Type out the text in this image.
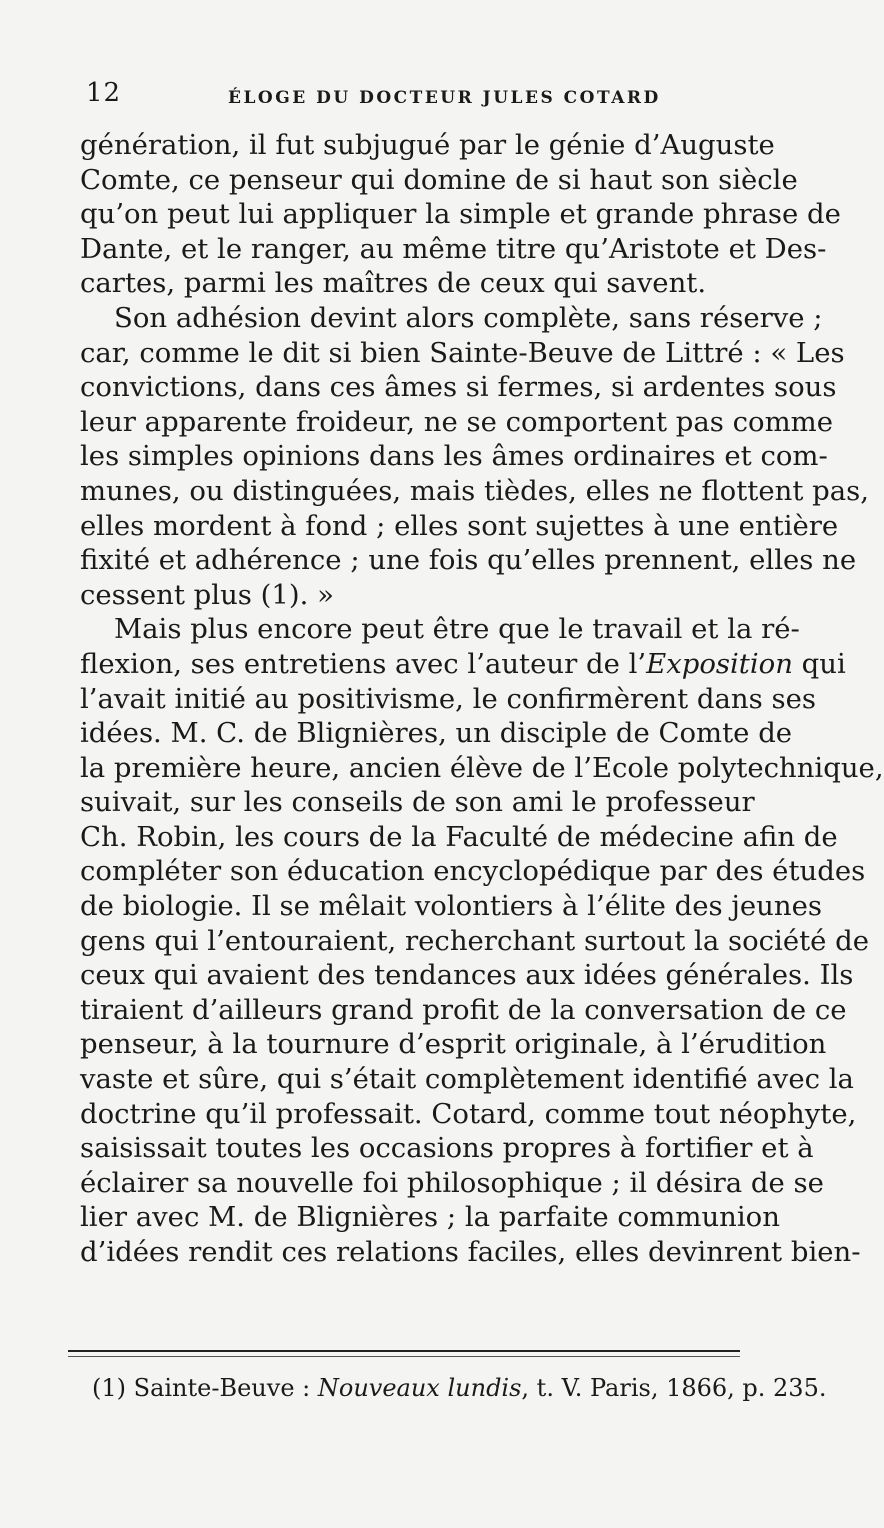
12	ÉLOGE DU DOCTEUR JULES COTARD
génération, il fut subjugué par le génie d’Auguste
Comte, ce penseur qui domine de si haut son siècle
qu’on peut lui appliquer la simple et grande phrase de
Dante, et le ranger, au même titre qu’Aristote et Des-
cartes, parmi les maîtres de ceux qui savent.
Son adhésion devint alors complète, sans réserve ;
car, comme le dit si bien Sainte-Beuve de Littré : « Les
convictions, dans ces âmes si fermes, si ardentes sous
leur apparente froideur, ne se comportent pas comme
les simples opinions dans les âmes ordinaires et com-
munes, ou distinguées, mais tièdes, elles ne flottent pas,
elles mordent à fond ; elles sont sujettes à une entière
fixité et adhérence ; une fois qu’elles prennent, elles ne
cessent plus (1). »
Mais plus encore peut être que le travail et la ré-
flexion, ses entretiens avec l’auteur de l’Exposition qui
l’avait initié au positivisme, le confirmèrent dans ses
idées. M. C. de Blignières, un disciple de Comte de
la première heure, ancien élève de l’Ecole polytechnique,
suivait, sur les conseils de son ami le professeur
Ch. Robin, les cours de la Faculté de médecine afin de
compléter son éducation encyclopédique par des études
de biologie. Il se mêlait volontiers à l’élite des jeunes
gens qui l’entouraient, recherchant surtout la société de
ceux qui avaient des tendances aux idées générales. Ils
tiraient d’ailleurs grand profit de la conversation de ce
penseur, à la tournure d’esprit originale, à l’érudition
vaste et sûre, qui s’était complètement identifié avec la
doctrine qu’il professait. Cotard, comme tout néophyte,
saisissait toutes les occasions propres à fortifier et à
éclairer sa nouvelle foi philosophique ; il désira de se
lier avec M. de Blignières ; la parfaite communion
d’idées rendit ces relations faciles, elles devinrent bien-
(1) Sainte-Beuve : Nouveaux lundis, t. V. Paris, 1866, p. 235.
